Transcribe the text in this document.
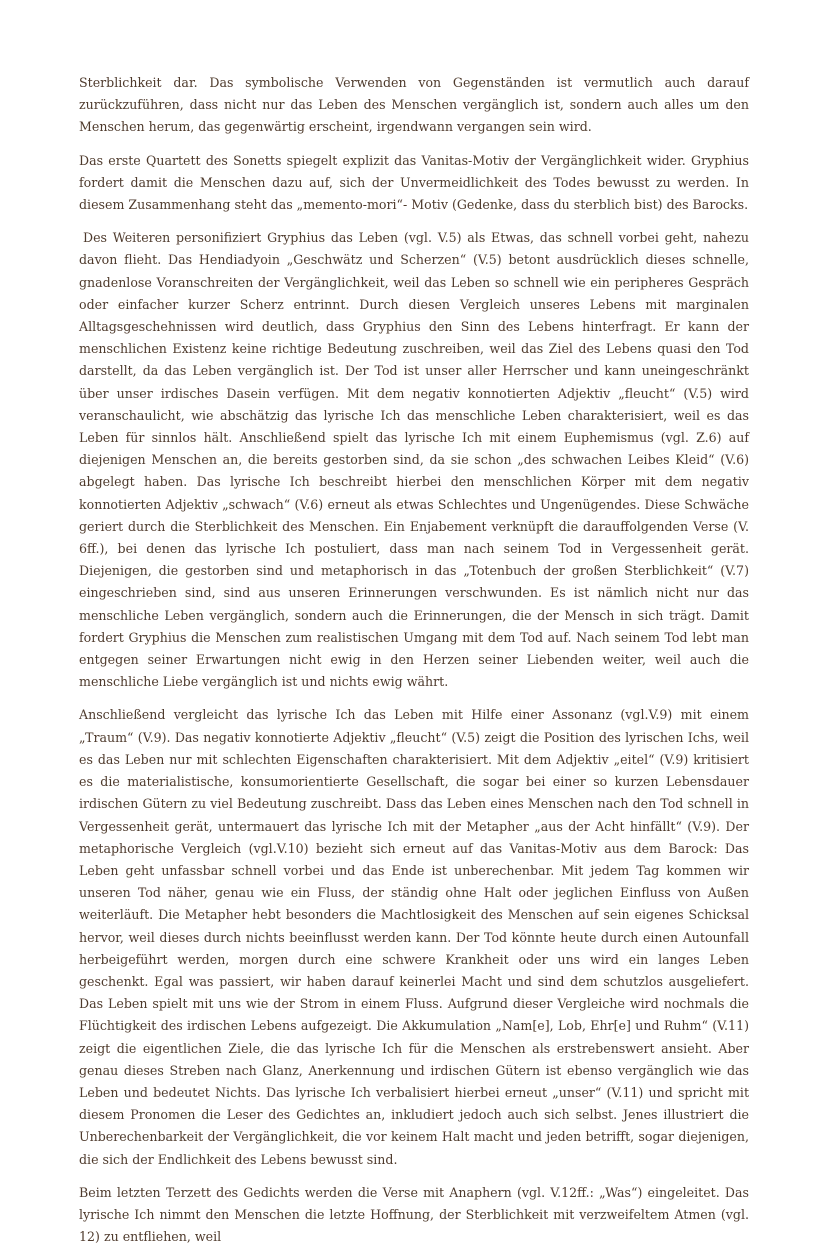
Sterblichkeit dar. Das symbolische Verwenden von Gegenständen ist vermutlich auch darauf zurückzuführen, dass nicht nur das Leben des Menschen vergänglich ist, sondern auch alles um den Menschen herum, das gegenwärtig erscheint, irgendwann vergangen sein wird.

Das erste Quartett des Sonetts spiegelt explizit das Vanitas-Motiv der Vergänglichkeit wider. Gryphius fordert damit die Menschen dazu auf, sich der Unvermeidlichkeit des Todes bewusst zu werden. In diesem Zusammenhang steht das „memento-mori“- Motiv (Gedenke, dass du sterblich bist) des Barocks.

Des Weiteren personifiziert Gryphius das Leben (vgl. V.5) als Etwas, das schnell vorbei geht, nahezu davon flieht. Das Hendiadyoin „Geschwätz und Scherzen“ (V.5) betont ausdrücklich dieses schnelle, gnadenlose Voranschreiten der Vergänglichkeit, weil das Leben so schnell wie ein peripheres Gespräch oder einfacher kurzer Scherz entrinnt. Durch diesen Vergleich unseres Lebens mit marginalen Alltagsgeschehnissen wird deutlich, dass Gryphius den Sinn des Lebens hinterfragt. Er kann der menschlichen Existenz keine richtige Bedeutung zuschreiben, weil das Ziel des Lebens quasi den Tod darstellt, da das Leben vergänglich ist. Der Tod ist unser aller Herrscher und kann uneingeschränkt über unser irdisches Dasein verfügen. Mit dem negativ konnotierten Adjektiv „fleucht“ (V.5) wird veranschaulicht, wie abschätzig das lyrische Ich das menschliche Leben charakterisiert, weil es das Leben für sinnlos hält. Anschließend spielt das lyrische Ich mit einem Euphemismus (vgl. Z.6) auf diejenigen Menschen an, die bereits gestorben sind, da sie schon „des schwachen Leibes Kleid“ (V.6) abgelegt haben. Das lyrische Ich beschreibt hierbei den menschlichen Körper mit dem negativ konnotierten Adjektiv „schwach“ (V.6) erneut als etwas Schlechtes und Ungenügendes. Diese Schwäche geriert durch die Sterblichkeit des Menschen. Ein Enjabement verknüpft die darauffolgenden Verse (V. 6ff.), bei denen das lyrische Ich postuliert, dass man nach seinem Tod in Vergessenheit gerät. Diejenigen, die gestorben sind und metaphorisch in das „Totenbuch der großen Sterblichkeit“ (V.7) eingeschrieben sind, sind aus unseren Erinnerungen verschwunden. Es ist nämlich nicht nur das menschliche Leben vergänglich, sondern auch die Erinnerungen, die der Mensch in sich trägt. Damit fordert Gryphius die Menschen zum realistischen Umgang mit dem Tod auf. Nach seinem Tod lebt man entgegen seiner Erwartungen nicht ewig in den Herzen seiner Liebenden weiter, weil auch die menschliche Liebe vergänglich ist und nichts ewig währt.

Anschließend vergleicht das lyrische Ich das Leben mit Hilfe einer Assonanz (vgl.V.9) mit einem „Traum“ (V.9). Das negativ konnotierte Adjektiv „fleucht“ (V.5) zeigt die Position des lyrischen Ichs, weil es das Leben nur mit schlechten Eigenschaften charakterisiert. Mit dem Adjektiv „eitel“ (V.9) kritisiert es die materialistische, konsumorientierte Gesellschaft, die sogar bei einer so kurzen Lebensdauer irdischen Gütern zu viel Bedeutung zuschreibt. Dass das Leben eines Menschen nach den Tod schnell in Vergessenheit gerät, untermauert das lyrische Ich mit der Metapher „aus der Acht hinfällt“ (V.9). Der metaphorische Vergleich (vgl.V.10) bezieht sich erneut auf das Vanitas-Motiv aus dem Barock: Das Leben geht unfassbar schnell vorbei und das Ende ist unberechenbar. Mit jedem Tag kommen wir unseren Tod näher, genau wie ein Fluss, der ständig ohne Halt oder jeglichen Einfluss von Außen weiterläuft. Die Metapher hebt besonders die Machtlosigkeit des Menschen auf sein eigenes Schicksal hervor, weil dieses durch nichts beeinflusst werden kann. Der Tod könnte heute durch einen Autounfall herbeigeführt werden, morgen durch eine schwere Krankheit oder uns wird ein langes Leben geschenkt. Egal was passiert, wir haben darauf keinerlei Macht und sind dem schutzlos ausgeliefert. Das Leben spielt mit uns wie der Strom in einem Fluss. Aufgrund dieser Vergleiche wird nochmals die Flüchtigkeit des irdischen Lebens aufgezeigt. Die Akkumulation „Nam[e], Lob, Ehr[e] und Ruhm“ (V.11) zeigt die eigentlichen Ziele, die das lyrische Ich für die Menschen als erstrebenswert ansieht. Aber genau dieses Streben nach Glanz, Anerkennung und irdischen Gütern ist ebenso vergänglich wie das Leben und bedeutet Nichts. Das lyrische Ich verbalisiert hierbei erneut „unser“ (V.11) und spricht mit diesem Pronomen die Leser des Gedichtes an, inkludiert jedoch auch sich selbst. Jenes illustriert die Unberechenbarkeit der Vergänglichkeit, die vor keinem Halt macht und jeden betrifft, sogar diejenigen, die sich der Endlichkeit des Lebens bewusst sind.

Beim letzten Terzett des Gedichts werden die Verse mit Anaphern (vgl. V.12ff.: „Was“) eingeleitet. Das lyrische Ich nimmt den Menschen die letzte Hoffnung, der Sterblichkeit mit verzweifeltem Atmen (vgl. 12) zu entfliehen, weil
